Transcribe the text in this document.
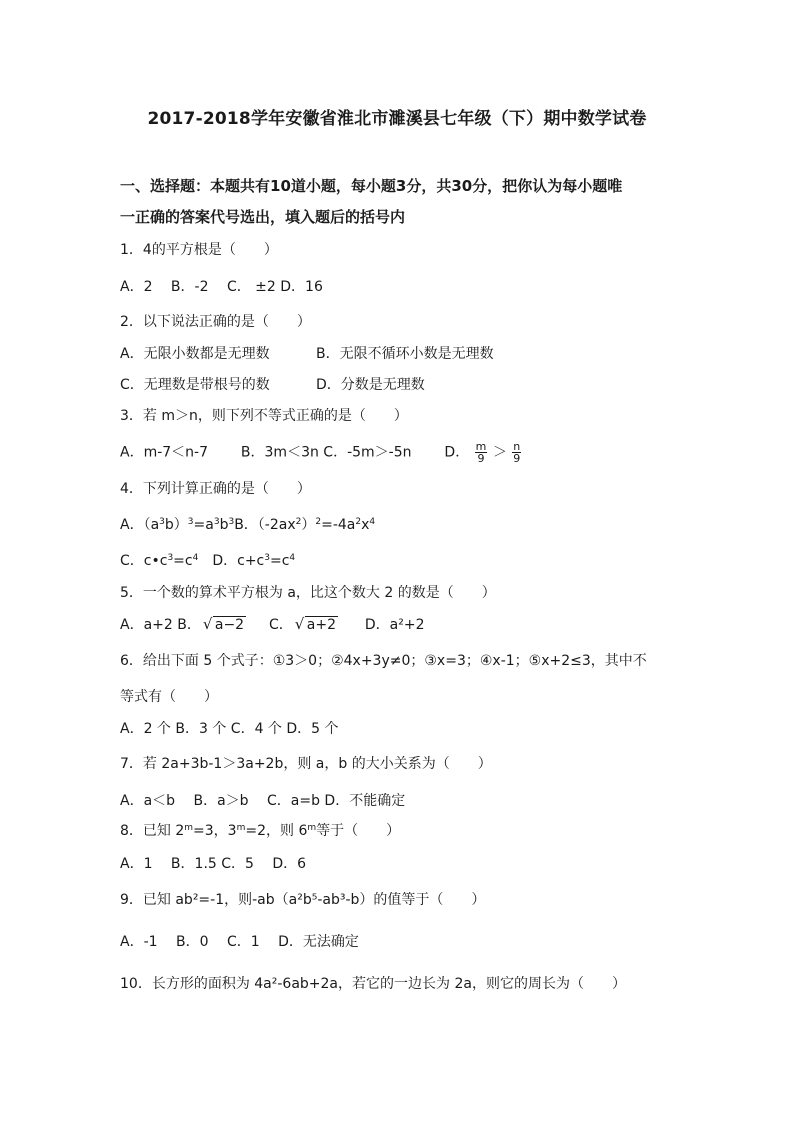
2017-2018学年安徽省淮北市濉溪县七年级（下）期中数学试卷
一、选择题：本题共有10道小题，每小题3分，共30分，把你认为每小题唯
一正确的答案代号选出，填入题后的括号内
1．4的平方根是（　　）
A．2　 B．-2　 C． ±2 D．16
2．以下说法正确的是（　　）
A．无限小数都是无理数	B．无限不循环小数是无理数
C．无理数是带根号的数	D．分数是无理数
3．若 m＞n，则下列不等式正确的是（　　）
A．m-7＜n-7 B．3m＜3n C．-5m＞-5n D． $\frac{m}{9} > \frac{n}{9}$
4．下列计算正确的是（　　）
A．$(a^3b)^3=a^3b^3B$．$(-2ax^2)^2=-4a^2x^4$
C．$c•c^3=c^4$　D．$c+c^3=c^4$
5．一个数的算术平方根为 a，比这个数大 2 的数是（　　）
A．a+2 B． √ a−2 C． √ a+2 D．a²+2
6．给出下面 5 个式子：①3＞0；②4x+3y≠0；③x=3；④x-1；⑤x+2≤3，其中不
等式有（　　）
A．2 个 B．3 个 C．4 个 D．5 个
7．若 2a+3b-1＞3a+2b，则 a，b 的大小关系为（　　）
A．a＜b　 B．a＞b　 C．a=b D．不能确定
8．已知 $2^m=3$，$3^m=2$，则 6$^m$等于（　　）
A．1　 B．1.5 C．5　 D．6
9．已知 ab²=-1，则-ab（a²b⁵-ab³-b）的值等于（　　）
A．-1　 B．0　 C．1　 D．无法确定
10．长方形的面积为 4a²-6ab+2a，若它的一边长为 2a，则它的周长为（　　）
